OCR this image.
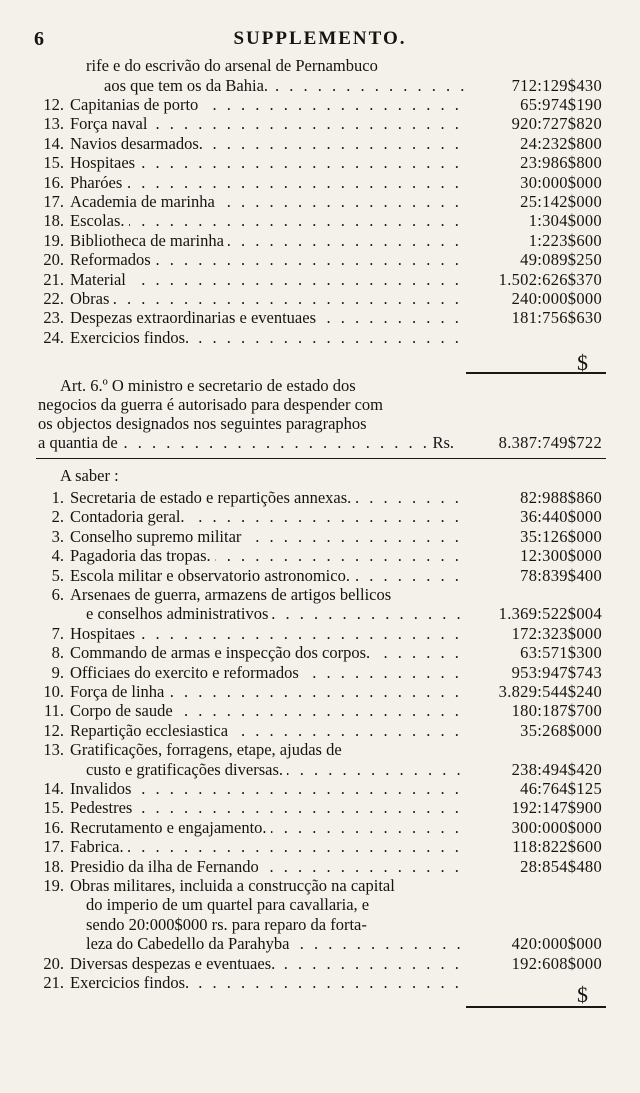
6	SUPPLEMENTO.
rife e do escrivão do arsenal de Pernambuco
aos que tem os da Bahia. . . .	712:129$430
12. Capitanias de porto . . .	65:974$190
13. Força naval . . .	920:727$820
14. Navios desarmados. . . .	24:232$800
15. Hospitaes . . .	23:986$800
16. Pharóes . . .	30:000$000
17. Academia de marinha . . .	25:142$000
18. Escolas. . . .	1:304$000
19. Bibliotheca de marinha . . .	1:223$600
20. Reformados . . .	49:089$250
21. Material . . .	1.502:626$370
22. Obras . . .	240:000$000
23. Despezas extraordinarias e eventuaes . . .	181:756$630
24. Exercicios findos. . . .
$
Art. 6.º O ministro e secretario de estado dos
negocios da guerra é autorisado para despender com
os objectos designados nos seguintes paragraphos
a quantia de . . .	Rs.	8.387:749$722
A saber :
1. Secretaria de estado e repartições annexas. . . .	82:988$860
2. Contadoria geral. . . .	36:440$000
3. Conselho supremo militar . . .	35:126$000
4. Pagadoria das tropas. . . .	12:300$000
5. Escola militar e observatorio astronomico. . . .	78:839$400
6. Arsenaes de guerra, armazens de artigos bellicos
e conselhos administrativos . . .	1.369:522$004
7. Hospitaes . . .	172:323$000
8. Commando de armas e inspecção dos corpos. . . .	63:571$300
9. Officiaes do exercito e reformados . . .	953:947$743
10. Força de linha . . .	3.829:544$240
11. Corpo de saude . . .	180:187$700
12. Repartição ecclesiastica . . .	35:268$000
13. Gratificações, forragens, etape, ajudas de
custo e gratificações diversas. . . .	238:494$420
14. Invalidos . . .	46:764$125
15. Pedestres . . .	192:147$900
16. Recrutamento e engajamento. . . .	300:000$000
17. Fabrica. . . .	118:822$600
18. Presidio da ilha de Fernando . . .	28:854$480
19. Obras militares, incluida a construcção na capital
do imperio de um quartel para cavallaria, e
sendo 20:000$000 rs. para reparo da forta-
leza do Cabedello da Parahyba . . .	420:000$000
20. Diversas despezas e eventuaes. . . .	192:608$000
21. Exercicios findos. . . .	$
